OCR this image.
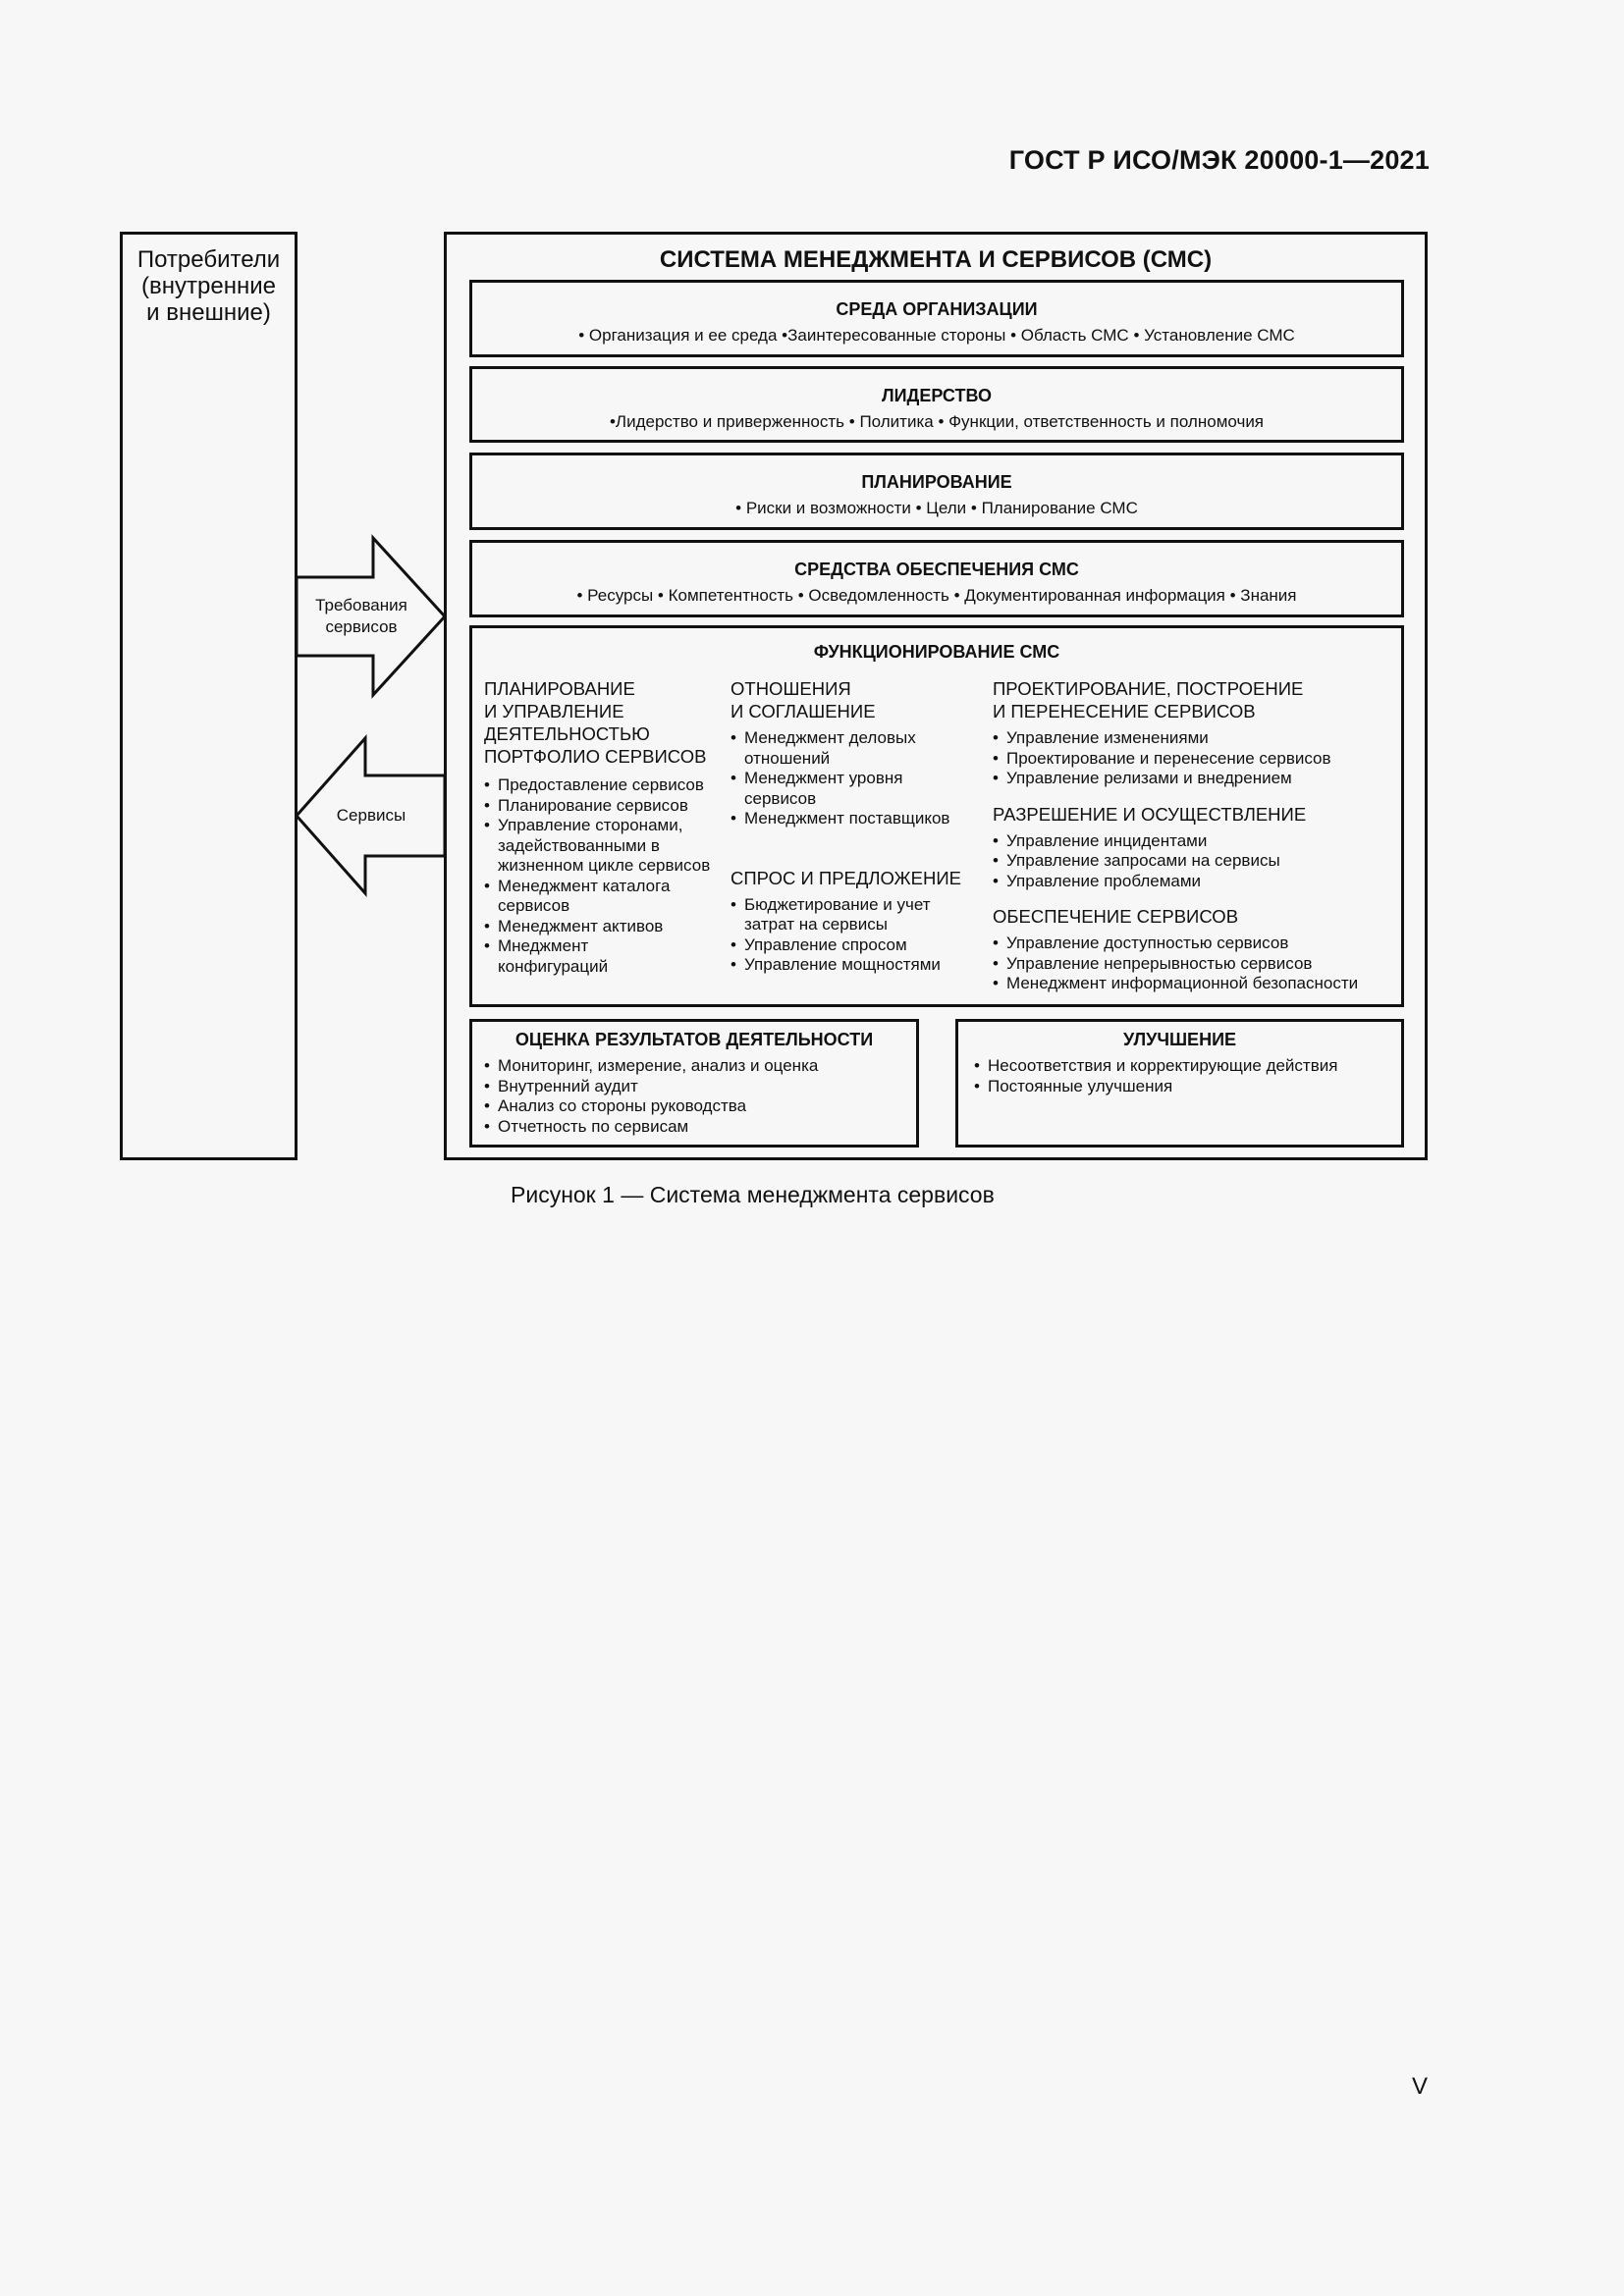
ГОСТ Р ИСО/МЭК 20000-1—2021
Потребители
(внутренние
и внешние)
Требования
сервисов
Сервисы
СИСТЕМА МЕНЕДЖМЕНТА И СЕРВИСОВ (СМС)
СРЕДА ОРГАНИЗАЦИИ
• Организация и ее среда •Заинтересованные стороны • Область СМС • Установление СМС
ЛИДЕРСТВО
•Лидерство и приверженность • Политика • Функции, ответственность и полномочия
ПЛАНИРОВАНИЕ
• Риски и возможности • Цели • Планирование СМС
СРЕДСТВА ОБЕСПЕЧЕНИЯ СМС
• Ресурсы • Компетентность • Осведомленность • Документированная информация • Знания
ФУНКЦИОНИРОВАНИЕ СМС
ПЛАНИРОВАНИЕ
И УПРАВЛЕНИЕ
ДЕЯТЕЛЬНОСТЬЮ
ПОРТФОЛИО СЕРВИСОВ
• Предоставление сервисов
• Планирование сервисов
• Управление сторонами, задействованными в жизненном цикле сервисов
• Менеджмент каталога сервисов
• Менеджмент активов
• Мнеджмент конфигураций
ОТНОШЕНИЯ
И СОГЛАШЕНИЕ
• Менеджмент деловых отношений
• Менеджмент уровня сервисов
• Менеджмент поставщиков
СПРОС И ПРЕДЛОЖЕНИЕ
• Бюджетирование и учет затрат на сервисы
• Управление спросом
• Управление мощностями
ПРОЕКТИРОВАНИЕ, ПОСТРОЕНИЕ
И ПЕРЕНЕСЕНИЕ СЕРВИСОВ
• Управление изменениями
• Проектирование и перенесение сервисов
• Управление релизами и внедрением
РАЗРЕШЕНИЕ И ОСУЩЕСТВЛЕНИЕ
• Управление инцидентами
• Управление запросами на сервисы
• Управление проблемами
ОБЕСПЕЧЕНИЕ СЕРВИСОВ
• Управление доступностью сервисов
• Управление непрерывностью сервисов
• Менеджмент информационной безопасности
ОЦЕНКА РЕЗУЛЬТАТОВ ДЕЯТЕЛЬНОСТИ
• Мониторинг, измерение, анализ и оценка
• Внутренний аудит
• Анализ со стороны руководства
• Отчетность по сервисам
УЛУЧШЕНИЕ
• Несоответствия и корректирующие действия
• Постоянные улучшения
Рисунок 1 — Система менеджмента сервисов
V
